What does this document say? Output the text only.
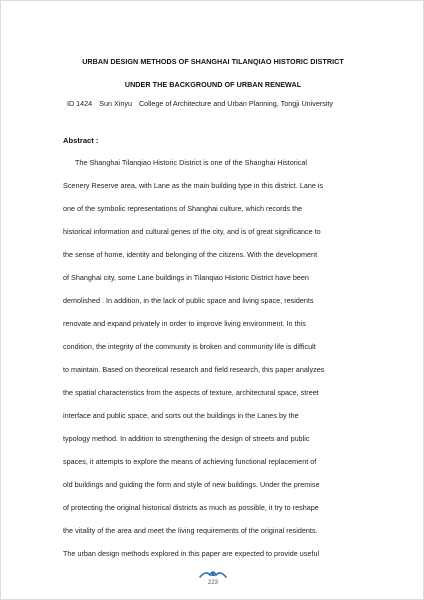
URBAN DESIGN METHODS OF SHANGHAI TILANQIAO HISTORIC DISTRICT
UNDER THE BACKGROUND OF URBAN RENEWAL
ID 1424 Sun Xinyu College of Architecture and Urban Planning, Tongji University
Abstract :
The Shanghai Tilanqiao Historic District is one of the Shanghai Historical
Scenery Reserve area, with Lane as the main building type in this district. Lane is
one of the symbolic representations of Shanghai culture, which records the
historical information and cultural genes of the city, and is of great significance to
the sense of home, identity and belonging of the citizens. With the development
of Shanghai city, some Lane buildings in Tilanqiao Historic District have been
demolished . In addition, in the lack of public space and living space, residents
renovate and expand privately in order to improve living environment. In this
condition, the integrity of the community is broken and community life is difficult
to maintain. Based on theoretical research and field research, this paper analyzes
the spatial characteristics from the aspects of texture, architectural space, street
interface and public space, and sorts out the buildings in the Lanes by the
typology method. In addition to strengthening the design of streets and public
spaces, it attempts to explore the means of achieving functional replacement of
old buildings and guiding the form and style of new buildings. Under the premise
of protecting the original historical districts as much as possible, it try to reshape
the vitality of the area and meet the living requirements of the original residents.
The urban design methods explored in this paper are expected to provide useful
223
